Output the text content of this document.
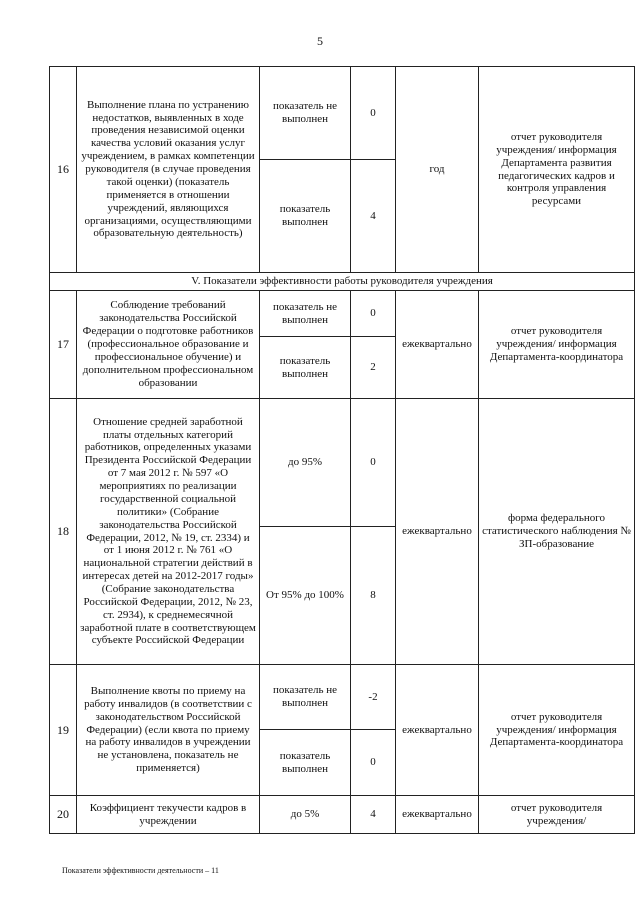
5
16	Выполнение плана по устранению недостатков, выявленных в ходе проведения независимой оценки качества условий оказания услуг учреждением, в рамках компетенции руководителя (в случае проведения такой оценки) (показатель применяется в отношении учреждений, являющихся организациями, осуществляющими образовательную деятельность)	показатель не выполнен	0	год	отчет руководителя учреждения/ информация Департамента развития педагогических кадров и контроля управления ресурсами
		показатель выполнен	4		
V. Показатели эффективности работы руководителя учреждения					
17	Соблюдение требований законодательства Российской Федерации о подготовке работников (профессиональное образование и профессиональное обучение) и дополнительном профессиональном образовании	показатель не выполнен	0	ежеквартально	отчет руководителя учреждения/ информация Департамента-координатора
		показатель выполнен	2		
18	Отношение средней заработной платы отдельных категорий работников, определенных указами Президента Российской Федерации от 7 мая 2012 г. № 597 «О мероприятиях по реализации государственной социальной политики» (Собрание законодательства Российской Федерации, 2012, № 19, ст. 2334) и от 1 июня 2012 г. № 761 «О национальной стратегии действий в интересах детей на 2012-2017 годы» (Собрание законодательства Российской Федерации, 2012, № 23, ст. 2934), к среднемесячной заработной плате в соответствующем субъекте Российской Федерации	до 95%	0	ежеквартально	форма федерального статистического наблюдения № ЗП-образование
		От 95% до 100%	8		
19	Выполнение квоты по приему на работу инвалидов (в соответствии с законодательством Российской Федерации) (если квота по приему на работу инвалидов в учреждении не установлена, показатель не применяется)	показатель не выполнен	-2	ежеквартально	отчет руководителя учреждения/ информация Департамента-координатора
		показатель выполнен	0		
20	Коэффициент текучести кадров в учреждении	до 5%	4	ежеквартально	отчет руководителя учреждения/
Показатели эффективности деятельности – 11
